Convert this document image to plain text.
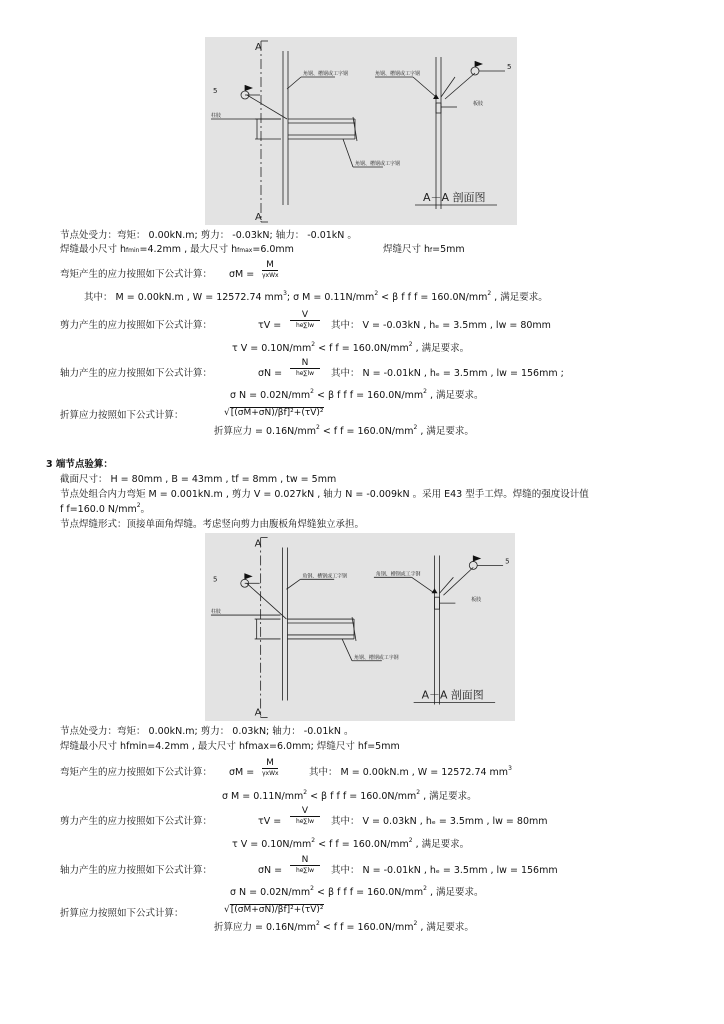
A
A
5
5
角钢、槽钢或工字钢	角钢、槽钢或工字钢
角钢、槽钢或工字钢
柱肢
板肢
A－A 剖面图
节点处受力：弯矩： 0.00kN.m; 剪力： -0.03kN; 轴力： -0.01kN 。
焊缝最小尺寸 hfmin=4.2mm , 最大尺寸 hfmax=6.0mm	焊缝尺寸 hf=5mm
弯矩产生的应力按照如下公式计算： σM =
M
γxWx
其中： M = 0.00kN.m , W = 12572.74 $mm^3$; σ $M = 0.11N/mm^2 < \beta$ f f $f = 160.0N/mm^2$ , 满足要求。
剪力产生的应力按照如下公式计算：	τV =
V
he∑lw	其中： V = -0.03kN , hₑ = 3.5mm , lw = 80mm
τ $V = 0.10N/mm^2 < f$ $f = 160.0N/mm^2$ , 满足要求。
轴力产生的应力按照如下公式计算：	σN =
N
he∑lw	其中： N = -0.01kN , hₑ = 3.5mm , lw = 156mm ;
σ $N = 0.02N/mm^2 < \beta$ f f $f = 160.0N/mm^2$ , 满足要求。
折算应力按照如下公式计算：	√[(σM+σN)/βf]²+(τV)²
折算应力 = $0.16N/mm^2 < f$ $f = 160.0N/mm^2$ , 满足要求。
3 端节点验算：
截面尺寸： H = 80mm , B = 43mm , tf = 8mm , tw = 5mm
节点处组合内力弯矩 M = 0.001kN.m , 剪力 V = 0.027kN , 轴力 N = -0.009kN 。采用 E43 型手工焊。焊缝的强度设计值
f f=160.0 $N/mm^2$。
节点焊缝形式：顶接单面角焊缝。考虑竖向剪力由腹板角焊缝独立承担。
A
A
5
5
角钢、槽钢或工字钢	角钢、槽钢或工字钢
角钢、槽钢或工字钢
柱肢
板肢
A－A 剖面图
节点处受力：弯矩： 0.00kN.m; 剪力： 0.03kN; 轴力： -0.01kN 。
焊缝最小尺寸 hfmin=4.2mm , 最大尺寸 hfmax=6.0mm; 焊缝尺寸 hf=5mm
弯矩产生的应力按照如下公式计算： σM =
M
γxWx	其中： M = 0.00kN.m , W = 12572.74 $mm^3$
σ $M = 0.11N/mm^2 < \beta$ f f $f = 160.0N/mm^2$ , 满足要求。
剪力产生的应力按照如下公式计算：	τV =
V
he∑lw	其中： V = 0.03kN , hₑ = 3.5mm , lw = 80mm
τ $V = 0.10N/mm^2 < f$ $f = 160.0N/mm^2$ , 满足要求。
轴力产生的应力按照如下公式计算：	σN =
N
he∑lw	其中： N = -0.01kN , hₑ = 3.5mm , lw = 156mm
σ $N = 0.02N/mm^2 < \beta$ f f $f = 160.0N/mm^2$ , 满足要求。
折算应力按照如下公式计算：	√[(σM+σN)/βf]²+(τV)²
折算应力 = $0.16N/mm^2 < f$ $f = 160.0N/mm^2$ , 满足要求。
